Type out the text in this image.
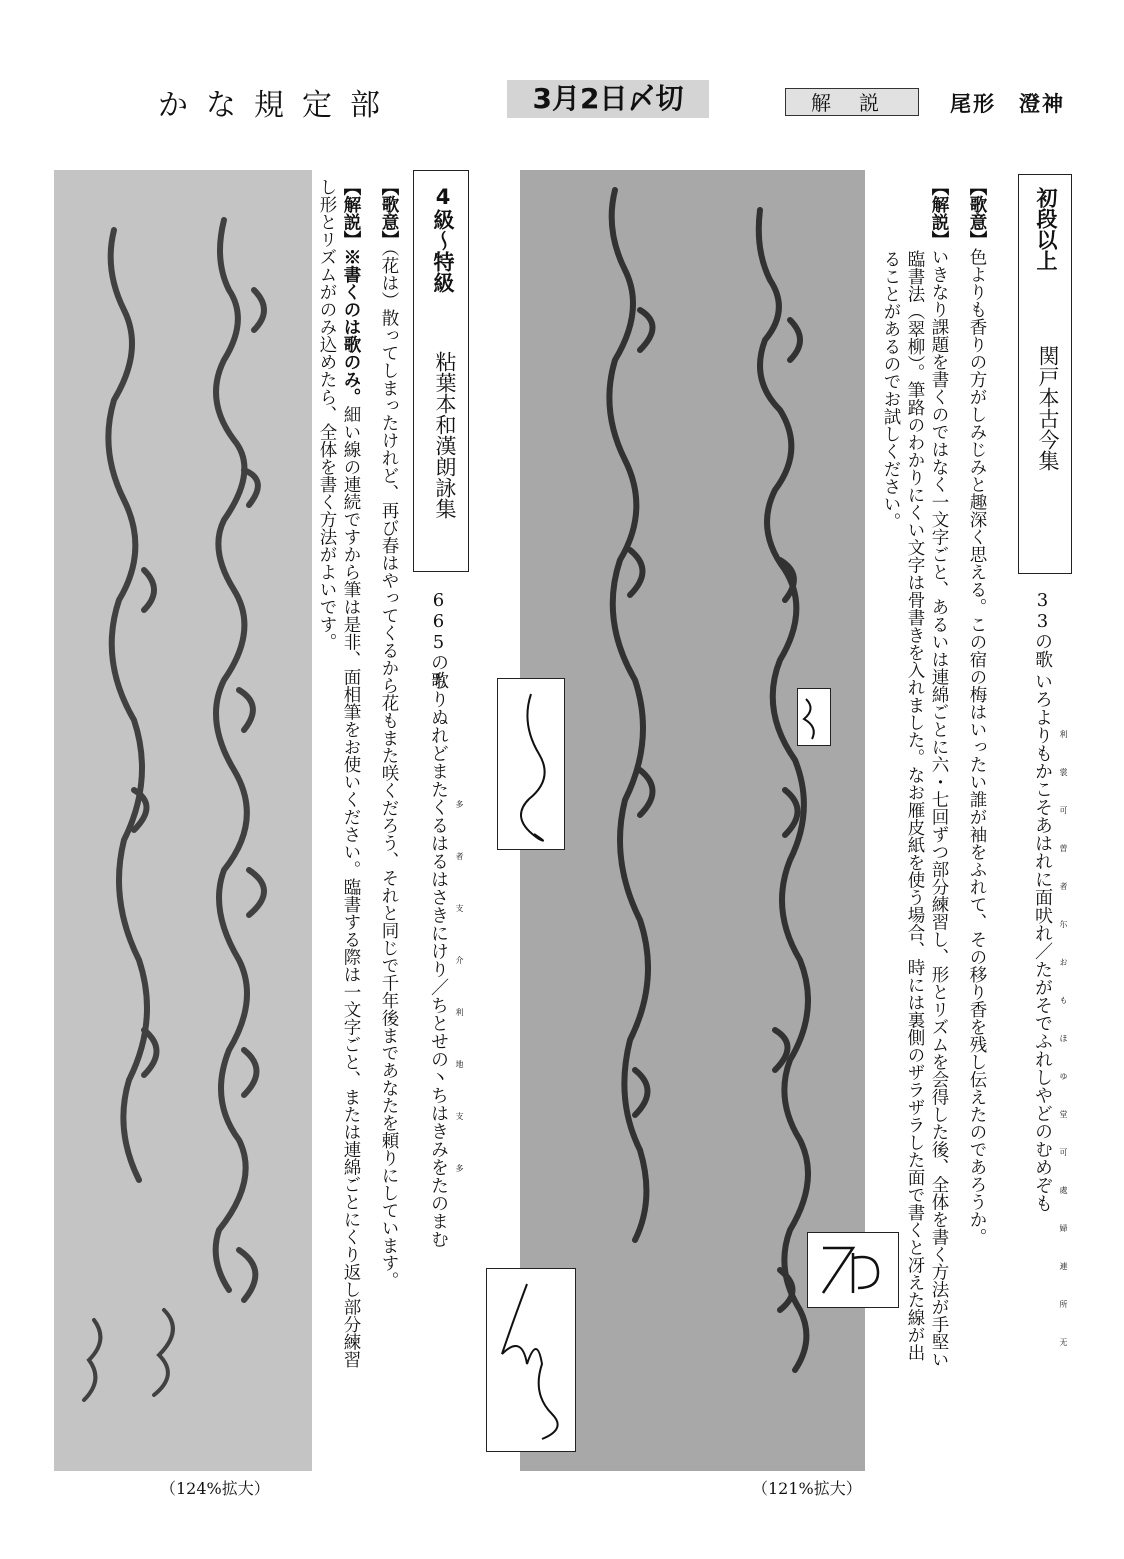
かな規定部	3月2日〆切	解説	尾形　澄神
（124%拡大）
し形とリズムがのみ込めたら、全体を書く方法がよいです。 【解説】※書くのは歌のみ。細い線の連続ですから筆は是非、面相筆をお使いください。臨書する際は一文字ごと、または連綿ごとにくり返し部分練習
【歌意】（花は）散ってしまったけれど、再び春はやってくるから花もまた咲くだろう、それと同じで千年後まであなたを頼りにしています。
4級～特級
粘葉本和漢朗詠集
665の歌
ちりぬれどまたくるはるはさきにけり／ちとせの丶ちはきみをたのまむ
（121%拡大）
ることがあるのでお試しください。 臨書法（翠柳）。筆路のわかりにくい文字は骨書きを入れました。なお雁皮紙を使う場合、時には裏側のザラザラした面で書くと冴えた線が出
【解説】いきなり課題を書くのではなく一文字ごと、あるいは連綿ごとに六・七回ずつ部分練習し、形とリズムを会得した後、全体を書く方法が手堅い
【歌意】色よりも香りの方がしみじみと趣深く思える。この宿の梅はいったい誰が袖をふれて、その移り香を残し伝えたのであろうか。
初段以上
関戸本古今集
33の歌
いろよりもかこそあはれに面吠れ／たがそでふれしやどのむめぞも 利裳可曽者尓おもほゆ堂可處婦連所无
多者支介利地支多
